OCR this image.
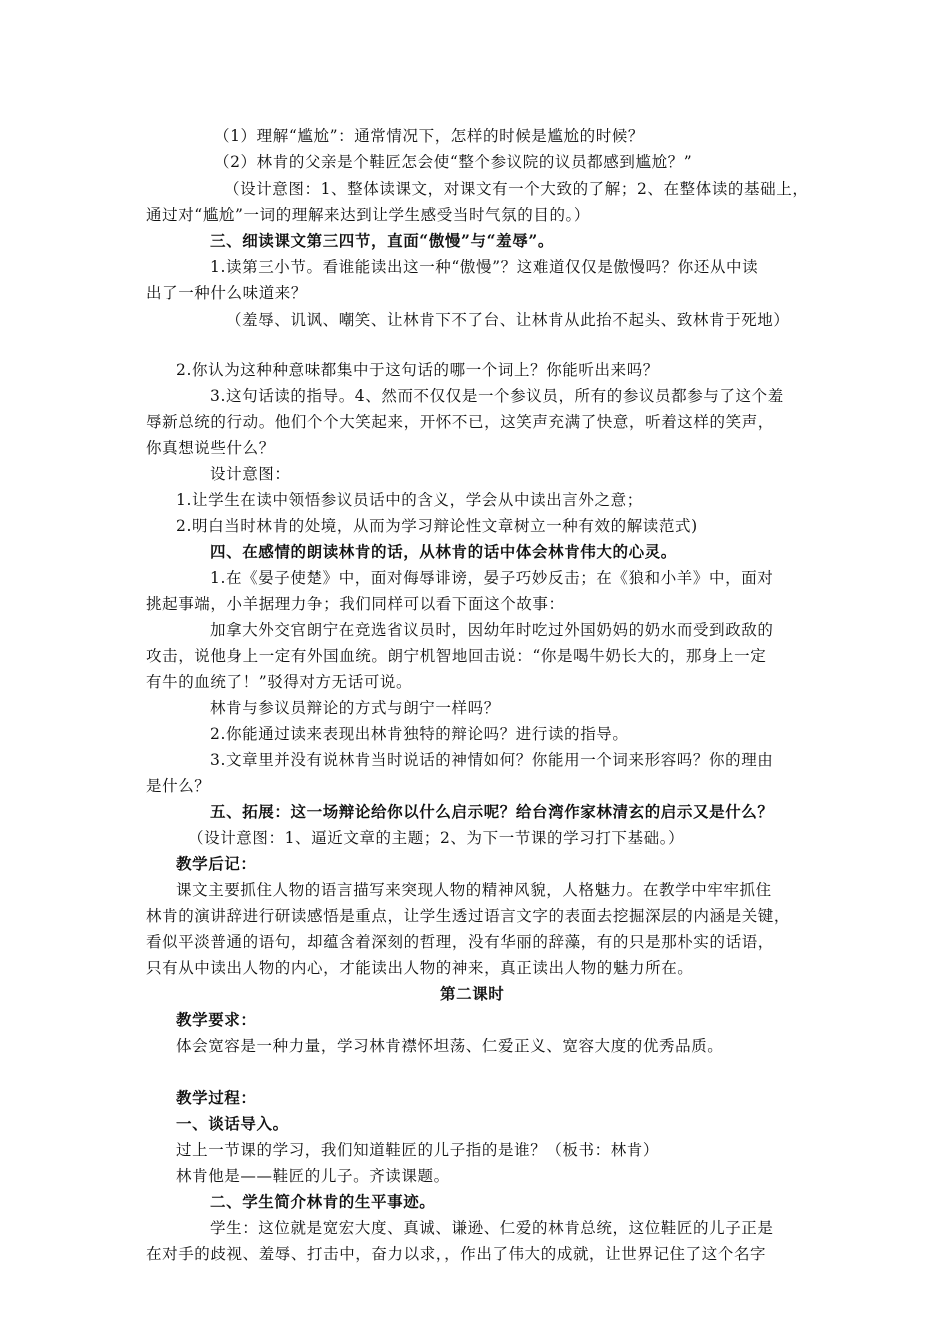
（1）理解“尴尬”：通常情况下，怎样的时候是尴尬的时候？
（2）林肯的父亲是个鞋匠怎会使“整个参议院的议员都感到尴尬？”
（设计意图：1、整体读课文，对课文有一个大致的了解；2、在整体读的基础上，
通过对“尴尬”一词的理解来达到让学生感受当时气氛的目的。）
三、细读课文第三四节，直面“傲慢”与“羞辱”。
1.读第三小节。看谁能读出这一种“傲慢”？这难道仅仅是傲慢吗？你还从中读
出了一种什么味道来？
（羞辱、讥讽、嘲笑、让林肯下不了台、让林肯从此抬不起头、致林肯于死地）
2.你认为这种种意味都集中于这句话的哪一个词上？你能听出来吗？
3.这句话读的指导。4、然而不仅仅是一个参议员，所有的参议员都参与了这个羞
辱新总统的行动。他们个个大笑起来，开怀不已，这笑声充满了快意，听着这样的笑声，
你真想说些什么？
设计意图：
1.让学生在读中领悟参议员话中的含义，学会从中读出言外之意；
2.明白当时林肯的处境，从而为学习辩论性文章树立一种有效的解读范式)
四、在感情的朗读林肯的话，从林肯的话中体会林肯伟大的心灵。
1.在《晏子使楚》中，面对侮辱诽谤，晏子巧妙反击；在《狼和小羊》中，面对
挑起事端，小羊据理力争；我们同样可以看下面这个故事：
加拿大外交官朗宁在竞选省议员时，因幼年时吃过外国奶妈的奶水而受到政敌的
攻击，说他身上一定有外国血统。朗宁机智地回击说：“你是喝牛奶长大的，那身上一定
有牛的血统了！”驳得对方无话可说。
林肯与参议员辩论的方式与朗宁一样吗？
2.你能通过读来表现出林肯独特的辩论吗？进行读的指导。
3.文章里并没有说林肯当时说话的神情如何？你能用一个词来形容吗？你的理由
是什么？
五、拓展：这一场辩论给你以什么启示呢？给台湾作家林清玄的启示又是什么？
（设计意图：1、逼近文章的主题；2、为下一节课的学习打下基础。）
教学后记：
课文主要抓住人物的语言描写来突现人物的精神风貌，人格魅力。在教学中牢牢抓住
林肯的演讲辞进行研读感悟是重点，让学生透过语言文字的表面去挖掘深层的内涵是关键，
看似平淡普通的语句，却蕴含着深刻的哲理，没有华丽的辞藻，有的只是那朴实的话语，
只有从中读出人物的内心，才能读出人物的神来，真正读出人物的魅力所在。
第二课时
教学要求：
体会宽容是一种力量，学习林肯襟怀坦荡、仁爱正义、宽容大度的优秀品质。
教学过程：
一、谈话导入。
过上一节课的学习，我们知道鞋匠的儿子指的是谁？（板书：林肯）
林肯他是——鞋匠的儿子。齐读课题。
二、学生简介林肯的生平事迹。
学生：这位就是宽宏大度、真诚、谦逊、仁爱的林肯总统，这位鞋匠的儿子正是
在对手的歧视、羞辱、打击中，奋力以求，，作出了伟大的成就，让世界记住了这个名字
